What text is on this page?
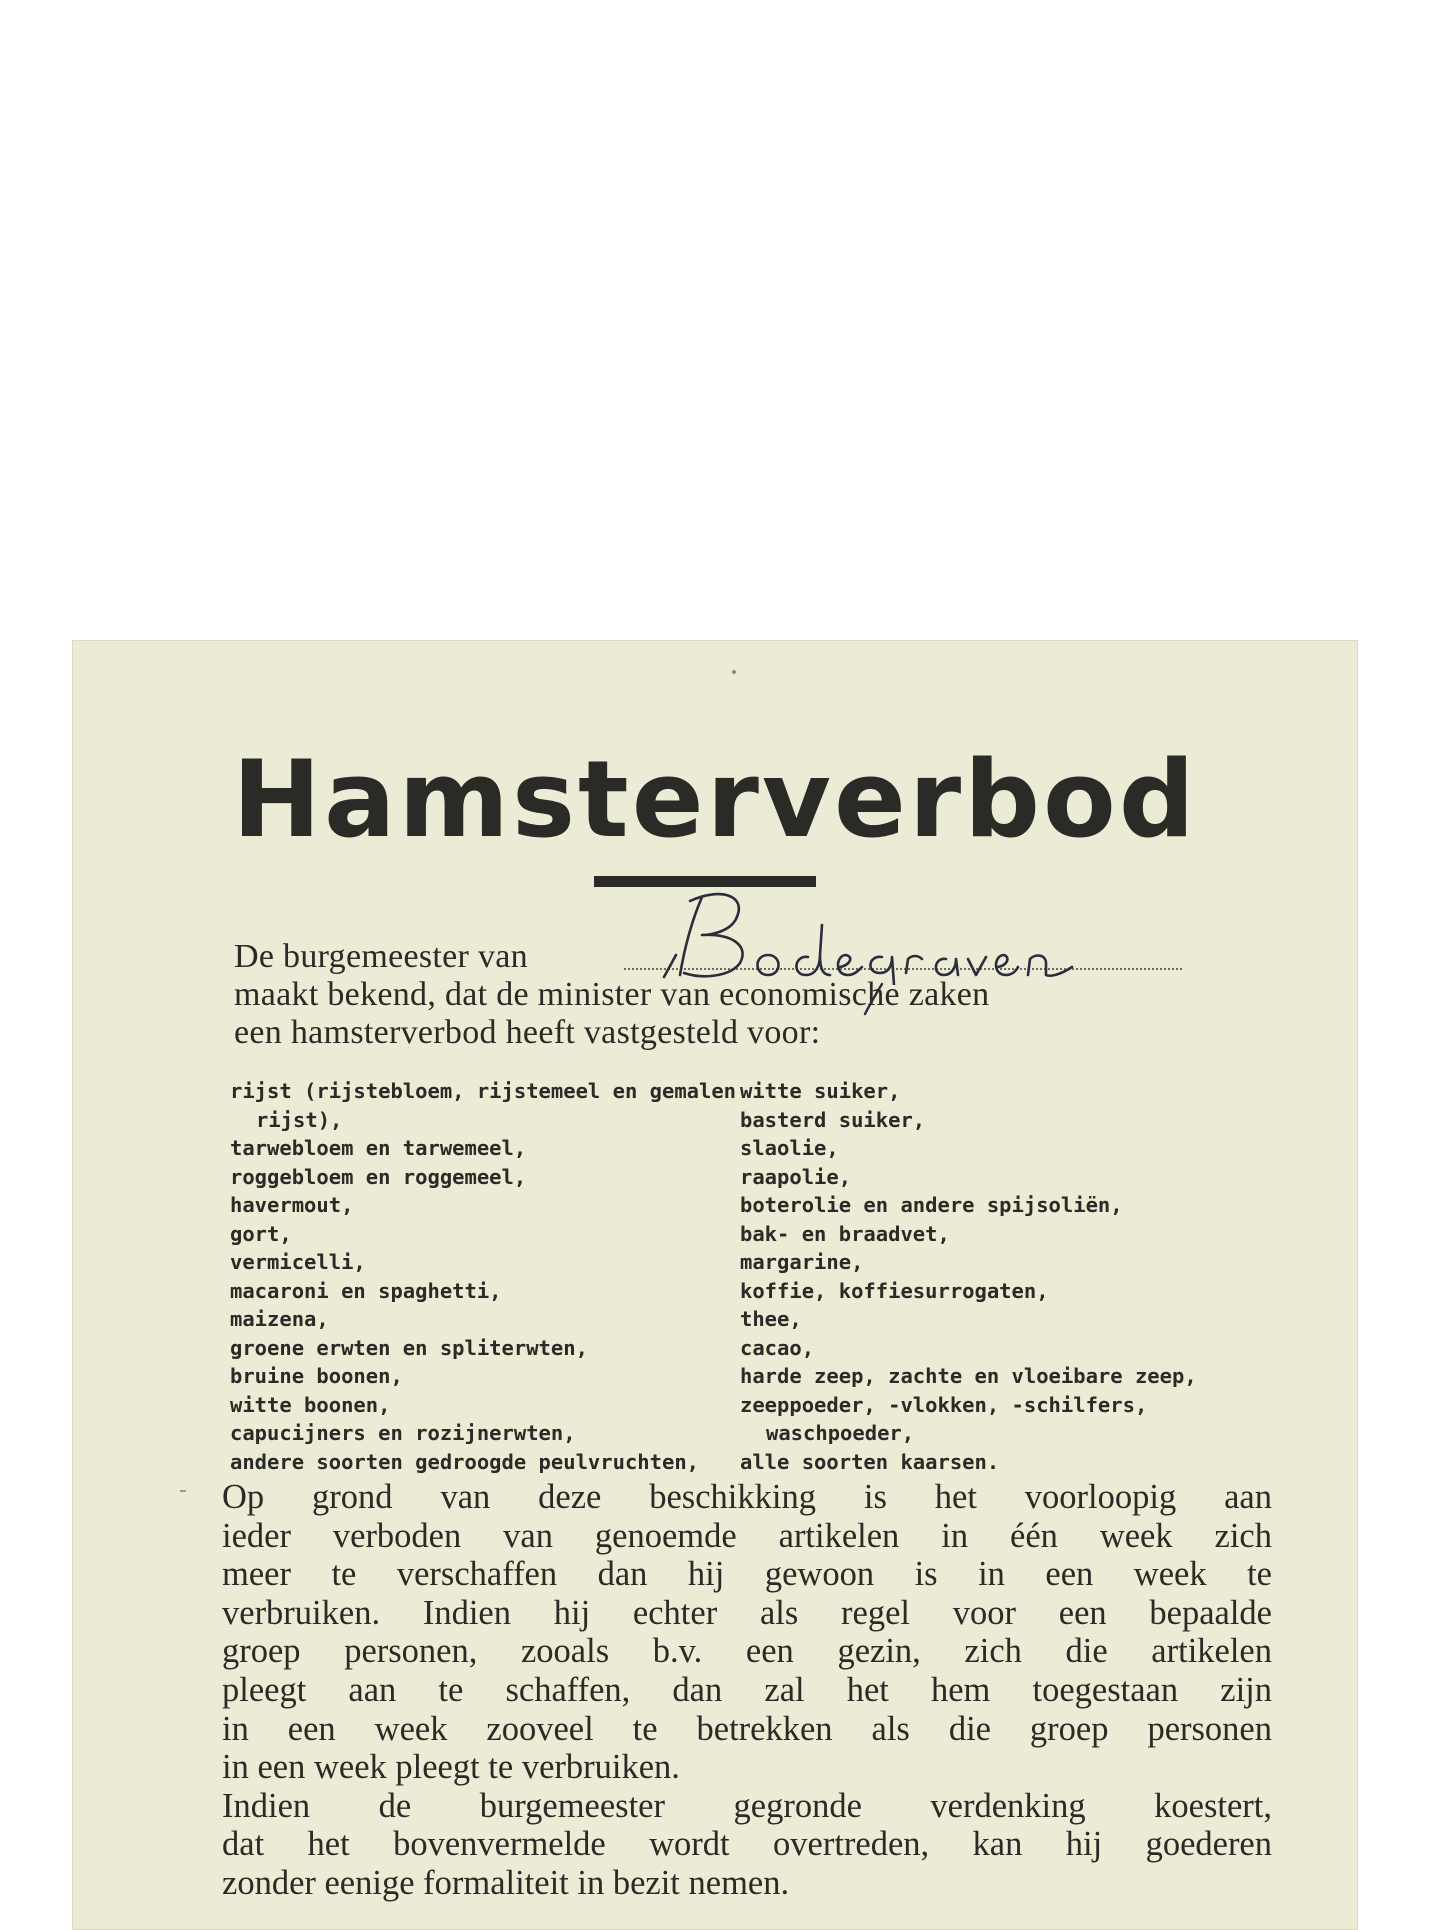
Hamsterverbod
De burgemeester van
maakt bekend, dat de minister van economische zaken
een hamsterverbod heeft vastgesteld voor:
rijst (rijstebloem, rijstemeel en gemalen
rijst),
tarwebloem en tarwemeel,
roggebloem en roggemeel,
havermout,
gort,
vermicelli,
macaroni en spaghetti,
maizena,
groene erwten en spliterwten,
bruine boonen,
witte boonen,
capucijners en rozijnerwten,
andere soorten gedroogde peulvruchten,
witte suiker,
basterd suiker,
slaolie,
raapolie,
boterolie en andere spijsoliën,
bak- en braadvet,
margarine,
koffie, koffiesurrogaten,
thee,
cacao,
harde zeep, zachte en vloeibare zeep,
zeeppoeder, -vlokken, -schilfers,
waschpoeder,
alle soorten kaarsen.
Op grond van deze beschikking is het voorloopig aan
ieder verboden van genoemde artikelen in één week zich
meer te verschaffen dan hij gewoon is in een week te
verbruiken. Indien hij echter als regel voor een bepaalde
groep personen, zooals b.v. een gezin, zich die artikelen
pleegt aan te schaffen, dan zal het hem toegestaan zijn
in een week zooveel te betrekken als die groep personen
in een week pleegt te verbruiken.
Indien de burgemeester gegronde verdenking koestert,
dat het bovenvermelde wordt overtreden, kan hij goederen
zonder eenige formaliteit in bezit nemen.
